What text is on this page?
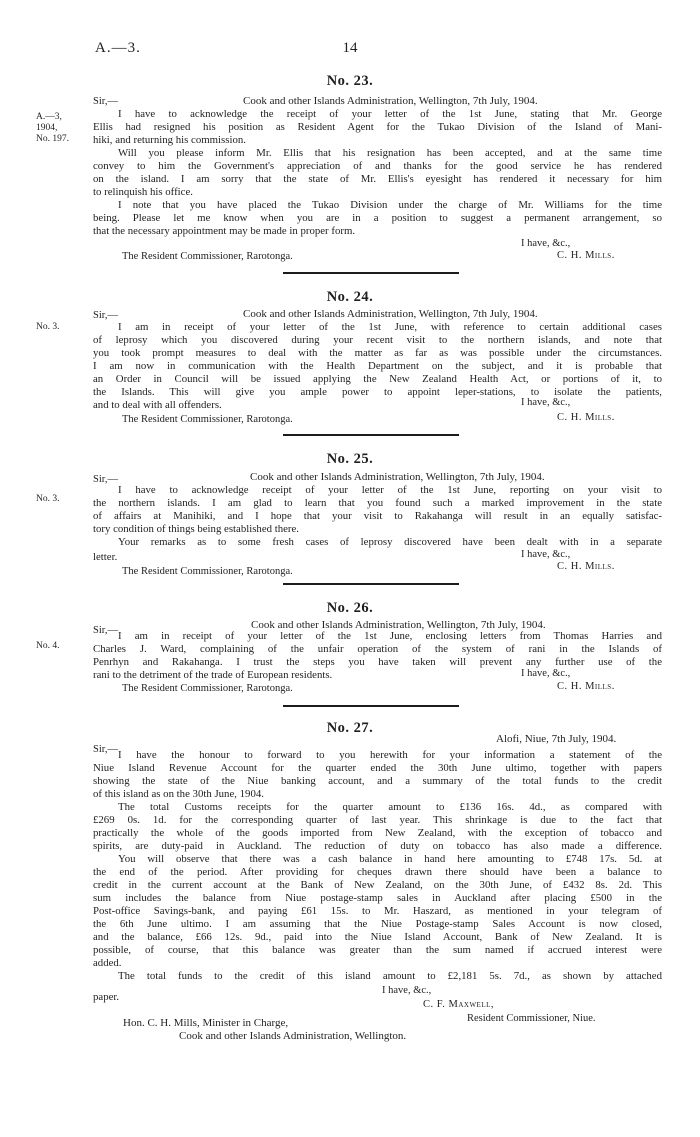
A.—3.	14
No. 23.
Sir,—	Cook and other Islands Administration, Wellington, 7th July, 1904.
A.—3,
1904,
No. 197.
I have to acknowledge the receipt of your letter of the 1st June, stating that Mr. George
Ellis had resigned his position as Resident Agent for the Tukao Division of the Island of Mani-
hiki, and returning his commission.
Will you please inform Mr. Ellis that his resignation has been accepted, and at the same time
convey to him the Government's appreciation of and thanks for the good service he has rendered
on the island. I am sorry that the state of Mr. Ellis's eyesight has rendered it necessary for him
to relinquish his office.
I note that you have placed the Tukao Division under the charge of Mr. Williams for the time
being. Please let me know when you are in a position to suggest a permanent arrangement, so
that the necessary appointment may be made in proper form.
I have, &c.,
The Resident Commissioner, Rarotonga.	C. H. Mills.
No. 24.
Sir,—	Cook and other Islands Administration, Wellington, 7th July, 1904.
No. 3.	I am in receipt of your letter of the 1st June, with reference to certain additional cases
of leprosy which you discovered during your recent visit to the northern islands, and note that
you took prompt measures to deal with the matter as far as was possible under the circumstances.
I am now in communication with the Health Department on the subject, and it is probable that
an Order in Council will be issued applying the New Zealand Health Act, or portions of it, to
the Islands. This will give you ample power to appoint leper-stations, to isolate the patients,
and to deal with all offenders.	I have, &c.,
The Resident Commissioner, Rarotonga.	C. H. Mills.
No. 25.
Sir,—	Cook and other Islands Administration, Wellington, 7th July, 1904.
No. 3.
I have to acknowledge receipt of your letter of the 1st June, reporting on your visit to
the northern islands. I am glad to learn that you found such a marked improvement in the state
of affairs at Manihiki, and I hope that your visit to Rakahanga will result in an equally satisfac-
tory condition of things being established there.
Your remarks as to some fresh cases of leprosy discovered have been dealt with in a separate
letter.	I have, &c.,
The Resident Commissioner, Rarotonga.	C. H. Mills.
No. 26.
Sir,—	Cook and other Islands Administration, Wellington, 7th July, 1904.
No. 4.
I am in receipt of your letter of the 1st June, enclosing letters from Thomas Harries and
Charles J. Ward, complaining of the unfair operation of the system of rani in the Islands of
Penrhyn and Rakahanga. I trust the steps you have taken will prevent any further use of the
rani to the detriment of the trade of European residents.	I have, &c.,
The Resident Commissioner, Rarotonga.	C. H. Mills.
No. 27.
Sir,—
Alofi, Niue, 7th July, 1904.
I have the honour to forward to you herewith for your information a statement of the
Niue Island Revenue Account for the quarter ended the 30th June ultimo, together with papers
showing the state of the Niue banking account, and a summary of the total funds to the credit
of this island as on the 30th June, 1904.
The total Customs receipts for the quarter amount to £136 16s. 4d., as compared with
£269 0s. 1d. for the corresponding quarter of last year. This shrinkage is due to the fact that
practically the whole of the goods imported from New Zealand, with the exception of tobacco and
spirits, are duty-paid in Auckland. The reduction of duty on tobacco has also made a difference.
You will observe that there was a cash balance in hand here amounting to £748 17s. 5d. at
the end of the period. After providing for cheques drawn there should have been a balance to
credit in the current account at the Bank of New Zealand, on the 30th June, of £432 8s. 2d. This
sum includes the balance from Niue postage-stamp sales in Auckland after placing £500 in the
Post-office Savings-bank, and paying £61 15s. to Mr. Haszard, as mentioned in your telegram of
the 6th June ultimo. I am assuming that the Niue Postage-stamp Sales Account is now closed,
and the balance, £66 12s. 9d., paid into the Niue Island Account, Bank of New Zealand. It is
possible, of course, that this balance was greater than the sum named if accrued interest were
added.
The total funds to the credit of this island amount to £2,181 5s. 7d., as shown by attached
paper.
I have, &c.,
C. F. Maxwell,
Resident Commissioner, Niue.
Hon. C. H. Mills, Minister in Charge,
Cook and other Islands Administration, Wellington.
